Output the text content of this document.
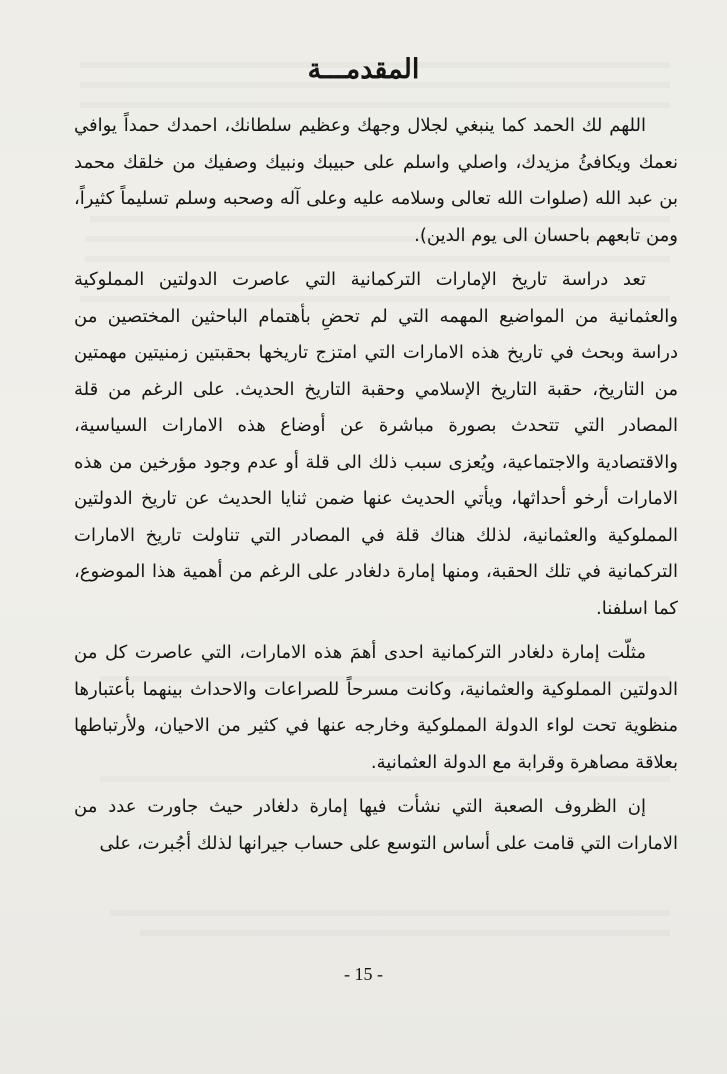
المقدمـــة

اللهم لك الحمد كما ينبغي لجلال وجهك وعظيم سلطانك، احمدك حمداً يوافي نعمك ويكافئُ مزيدك، واصلي واسلم على حبيبك ونبيك وصفيك من خلقك محمد بن عبد الله (صلوات الله تعالى وسلامه عليه وعلى آله وصحبه وسلم تسليماً كثيراً، ومن تابعهم باحسان الى يوم الدين).

تعد دراسة تاريخ الإمارات التركمانية التي عاصرت الدولتين المملوكية والعثمانية من المواضيع المهمه التي لم تحضِ بأهتمام الباحثين المختصين من دراسة وبحث في تاريخ هذه الامارات التي امتزج تاريخها بحقبتين زمنيتين مهمتين من التاريخ، حقبة التاريخ الإسلامي وحقبة التاريخ الحديث. على الرغم من قلة المصادر التي تتحدث بصورة مباشرة عن أوضاع هذه الامارات السياسية، والاقتصادية والاجتماعية، ويُعزى سبب ذلك الى قلة أو عدم وجود مؤرخين من هذه الامارات أرخو أحداثها، ويأتي الحديث عنها ضمن ثنايا الحديث عن تاريخ الدولتين المملوكية والعثمانية، لذلك هناك قلة في المصادر التي تناولت تاريخ الامارات التركمانية في تلك الحقبة، ومنها إمارة دلغادر على الرغم من أهمية هذا الموضوع، كما اسلفنا.

مثلّت إمارة دلغادر التركمانية احدى أهمَ هذه الامارات، التي عاصرت كل من الدولتين المملوكية والعثمانية، وكانت مسرحاً للصراعات والاحداث بينهما بأعتبارها منظوية تحت لواء الدولة المملوكية وخارجه عنها في كثير من الاحيان، ولأرتباطها بعلاقة مصاهرة وقرابة مع الدولة العثمانية.

إن الظروف الصعبة التي نشأت فيها إمارة دلغادر حيث جاورت عدد من الامارات التي قامت على أساس التوسع على حساب جيرانها لذلك أجُبرت، على

- 15 -
